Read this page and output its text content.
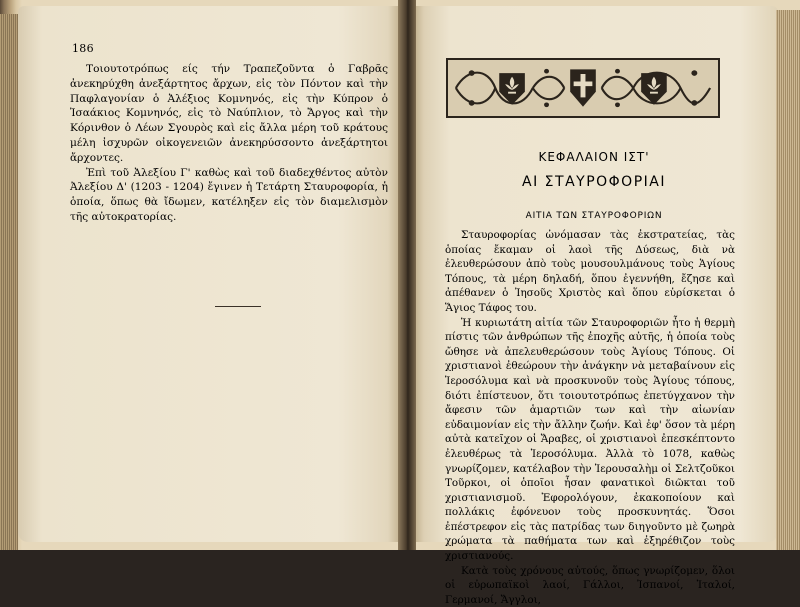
186

Τοιουτοτρόπως είς τήν Τραπεζοῦντα ὁ Γαβρᾶς ἀνεκηρύχθη ἀνεξάρτητος ἄρχων, εἰς τὸν Πόντον καὶ τὴν Παφλαγονίαν ὁ Ἀλέξιος Κομνηνός, εἰς τὴν Κύπρον ὁ Ἰσαάκιος Κομνηνός, εἰς τὸ Ναύπλιον, τὸ Ἄργος καὶ τὴν Κόρινθον ὁ Λέων Σγουρὸς καὶ εἰς ἄλλα μέρη τοῦ κράτους μέλη ἰσχυρῶν οἰκογενειῶν ἀνεκηρύσσοντο ἀνεξάρτητοι ἄρχοντες.

Ἐπὶ τοῦ Ἀλεξίου Γ' καθὼς καὶ τοῦ διαδεχθέντος αὐτὸν Ἀλεξίου Δ' (1203 - 1204) ἔγινεν ἡ Τετάρτη Σταυροφορία, ἡ ὁποία, ὅπως θὰ ἴδωμεν, κατέληξεν εἰς τὸν διαμελισμὸν τῆς αὐτοκρατορίας.

ΚΕΦΑΛΑΙΟΝ ΙΣΤ'
ΑΙ ΣΤΑΥΡΟΦΟΡΙΑΙ
ΑΙΤΙΑ ΤΩΝ ΣΤΑΥΡΟΦΟΡΙΩΝ

Σταυροφορίας ὠνόμασαν τὰς ἐκστρατείας, τὰς ὁποίας ἔκαμαν οἱ λαοὶ τῆς Δύσεως, διὰ νὰ ἐλευθερώσουν ἀπὸ τοὺς μουσουλμάνους τοὺς Ἁγίους Τόπους, τὰ μέρη δηλαδή, ὅπου ἐγεννήθη, ἔζησε καὶ ἀπέθανεν ὁ Ἰησοῦς Χριστὸς καὶ ὅπου εὑρίσκεται ὁ Ἅγιος Τάφος του.

Ἡ κυριωτάτη αἰτία τῶν Σταυροφοριῶν ἦτο ἡ θερμὴ πίστις τῶν ἀνθρώπων τῆς ἐποχῆς αὐτῆς, ἡ ὁποία τοὺς ὤθησε νὰ ἀπελευθερώσουν τοὺς Ἁγίους Τόπους. Οἱ χριστιανοὶ ἐθεώρουν τὴν ἀνάγκην νὰ μεταβαίνουν εἰς Ἱεροσόλυμα καὶ νὰ προσκυνοῦν τοὺς Ἁγίους τόπους, διότι ἐπίστευον, ὅτι τοιουτοτρόπως ἐπετύγχανον τὴν ἄφεσιν τῶν ἁμαρτιῶν των καὶ τὴν αἰωνίαν εὐδαιμονίαν εἰς τὴν ἄλλην ζωήν. Καὶ ἐφ' ὅσον τὰ μέρη αὐτὰ κατεῖχον οἱ Ἄραβες, οἱ χριστιανοὶ ἐπεσκέπτοντο ἐλευθέρως τὰ Ἱεροσόλυμα. Ἀλλὰ τὸ 1078, καθὼς γνωρίζομεν, κατέλαβον τὴν Ἱερουσαλὴμ οἱ Σελτζοῦκοι Τοῦρκοι, οἱ ὁποῖοι ἦσαν φανατικοὶ διῶκται τοῦ χριστιανισμοῦ. Ἐφορολόγουν, ἐκακοποίουν καὶ πολλάκις ἐφόνευον τοὺς προσκυνητάς. Ὅσοι ἐπέστρεφον εἰς τὰς πατρίδας των διηγοῦντο μὲ ζωηρὰ χρώματα τὰ παθήματα των καὶ ἐξηρέθιζον τοὺς χριστιανούς.

Κατὰ τοὺς χρόνους αὐτούς, ὅπως γνωρίζομεν, ὅλοι οἱ εὐρωπαϊκοὶ λαοί, Γάλλοι, Ἰσπανοί, Ἰταλοί, Γερμανοί, Ἄγγλοι,
